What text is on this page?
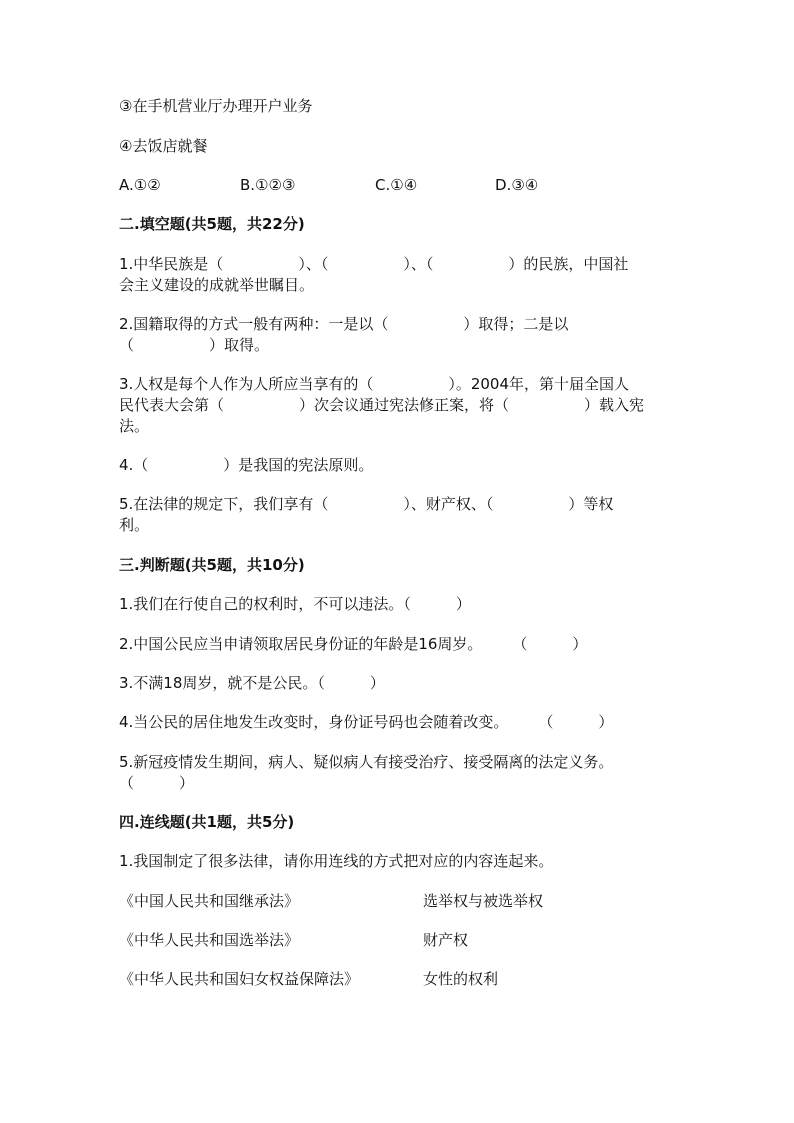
③在手机营业厅办理开户业务
④去饭店就餐
A.①②	B.①②③	C.①④	D.③④
二.填空题(共5题，共22分)
1.中华民族是（　　　　　）、（　　　　　）、（　　　　　）的民族，中国社
会主义建设的成就举世瞩目。
2.国籍取得的方式一般有两种：一是以（　　　　　）取得；二是以
（　　　　　）取得。
3.人权是每个人作为人所应当享有的（　　　　　）。2004年，第十届全国人
民代表大会第（　　　　　）次会议通过宪法修正案，将（　　　　　）载入宪
法。
4.（　　　　　）是我国的宪法原则。
5.在法律的规定下，我们享有（　　　　　）、财产权、（　　　　　）等权
利。
三.判断题(共5题，共10分)
1.我们在行使自己的权利时，不可以违法。（　　　）
2.中国公民应当申请领取居民身份证的年龄是16周岁。　　　（　　　）
3.不满18周岁，就不是公民。（　　　）
4.当公民的居住地发生改变时，身份证号码也会随着改变。　　　（　　　）
5.新冠疫情发生期间，病人、疑似病人有接受治疗、接受隔离的法定义务。
（　　　）
四.连线题(共1题，共5分)
1.我国制定了很多法律，请你用连线的方式把对应的内容连起来。
《中国人民共和国继承法》	选举权与被选举权
《中华人民共和国选举法》	财产权
《中华人民共和国妇女权益保障法》	女性的权利
